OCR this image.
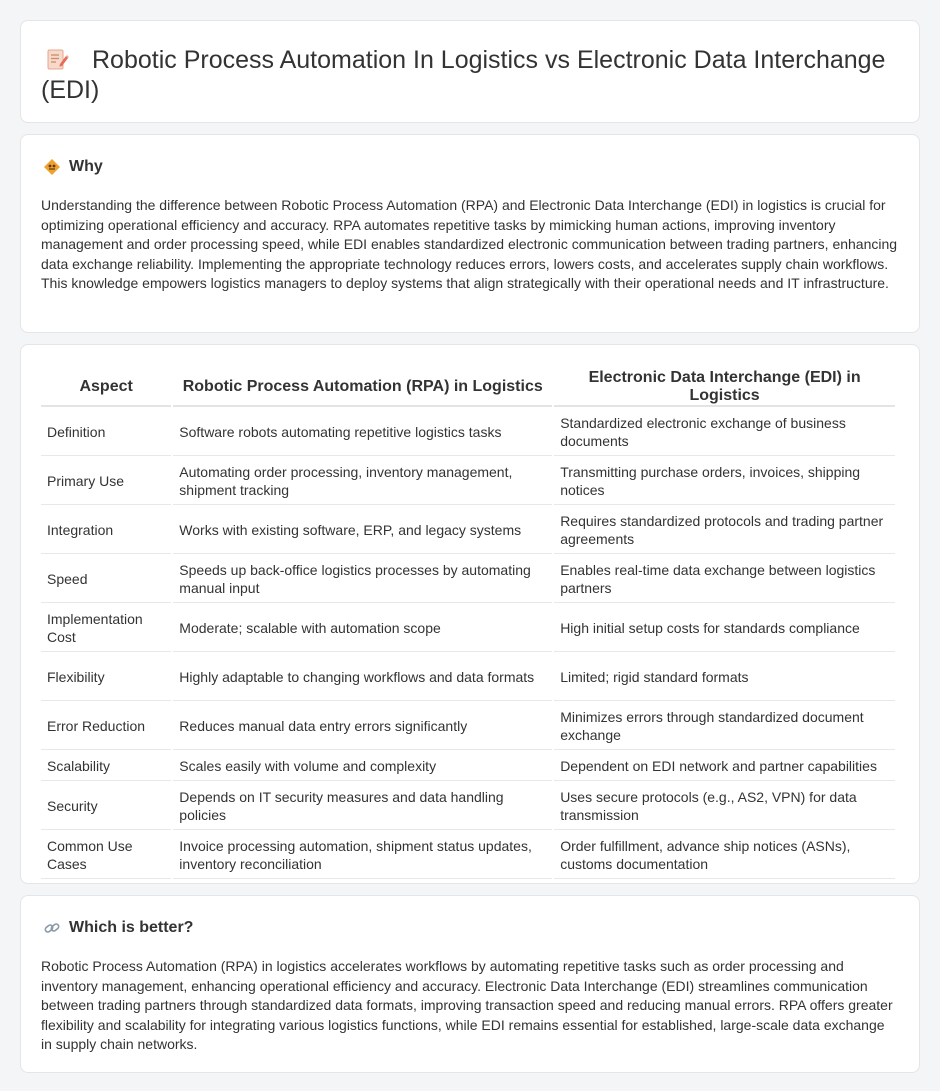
Robotic Process Automation In Logistics vs Electronic Data Interchange (EDI)
Why

Understanding the difference between Robotic Process Automation (RPA) and Electronic Data Interchange (EDI) in logistics is crucial for optimizing operational efficiency and accuracy. RPA automates repetitive tasks by mimicking human actions, improving inventory management and order processing speed, while EDI enables standardized electronic communication between trading partners, enhancing data exchange reliability. Implementing the appropriate technology reduces errors, lowers costs, and accelerates supply chain workflows. This knowledge empowers logistics managers to deploy systems that align strategically with their operational needs and IT infrastructure.

Aspect	Robotic Process Automation (RPA) in Logistics	Electronic Data Interchange (EDI) in Logistics
Definition	Software robots automating repetitive logistics tasks	Standardized electronic exchange of business documents
Primary Use	Automating order processing, inventory management, shipment tracking	Transmitting purchase orders, invoices, shipping notices
Integration	Works with existing software, ERP, and legacy systems	Requires standardized protocols and trading partner agreements
Speed	Speeds up back-office logistics processes by automating manual input	Enables real-time data exchange between logistics partners
Implementation Cost	Moderate; scalable with automation scope	High initial setup costs for standards compliance
Flexibility	Highly adaptable to changing workflows and data formats	Limited; rigid standard formats
Error Reduction	Reduces manual data entry errors significantly	Minimizes errors through standardized document exchange
Scalability	Scales easily with volume and complexity	Dependent on EDI network and partner capabilities
Security	Depends on IT security measures and data handling policies	Uses secure protocols (e.g., AS2, VPN) for data transmission
Common Use Cases	Invoice processing automation, shipment status updates, inventory reconciliation	Order fulfillment, advance ship notices (ASNs), customs documentation
Which is better?

Robotic Process Automation (RPA) in logistics accelerates workflows by automating repetitive tasks such as order processing and inventory management, enhancing operational efficiency and accuracy. Electronic Data Interchange (EDI) streamlines communication between trading partners through standardized data formats, improving transaction speed and reducing manual errors. RPA offers greater flexibility and scalability for integrating various logistics functions, while EDI remains essential for established, large-scale data exchange in supply chain networks.
